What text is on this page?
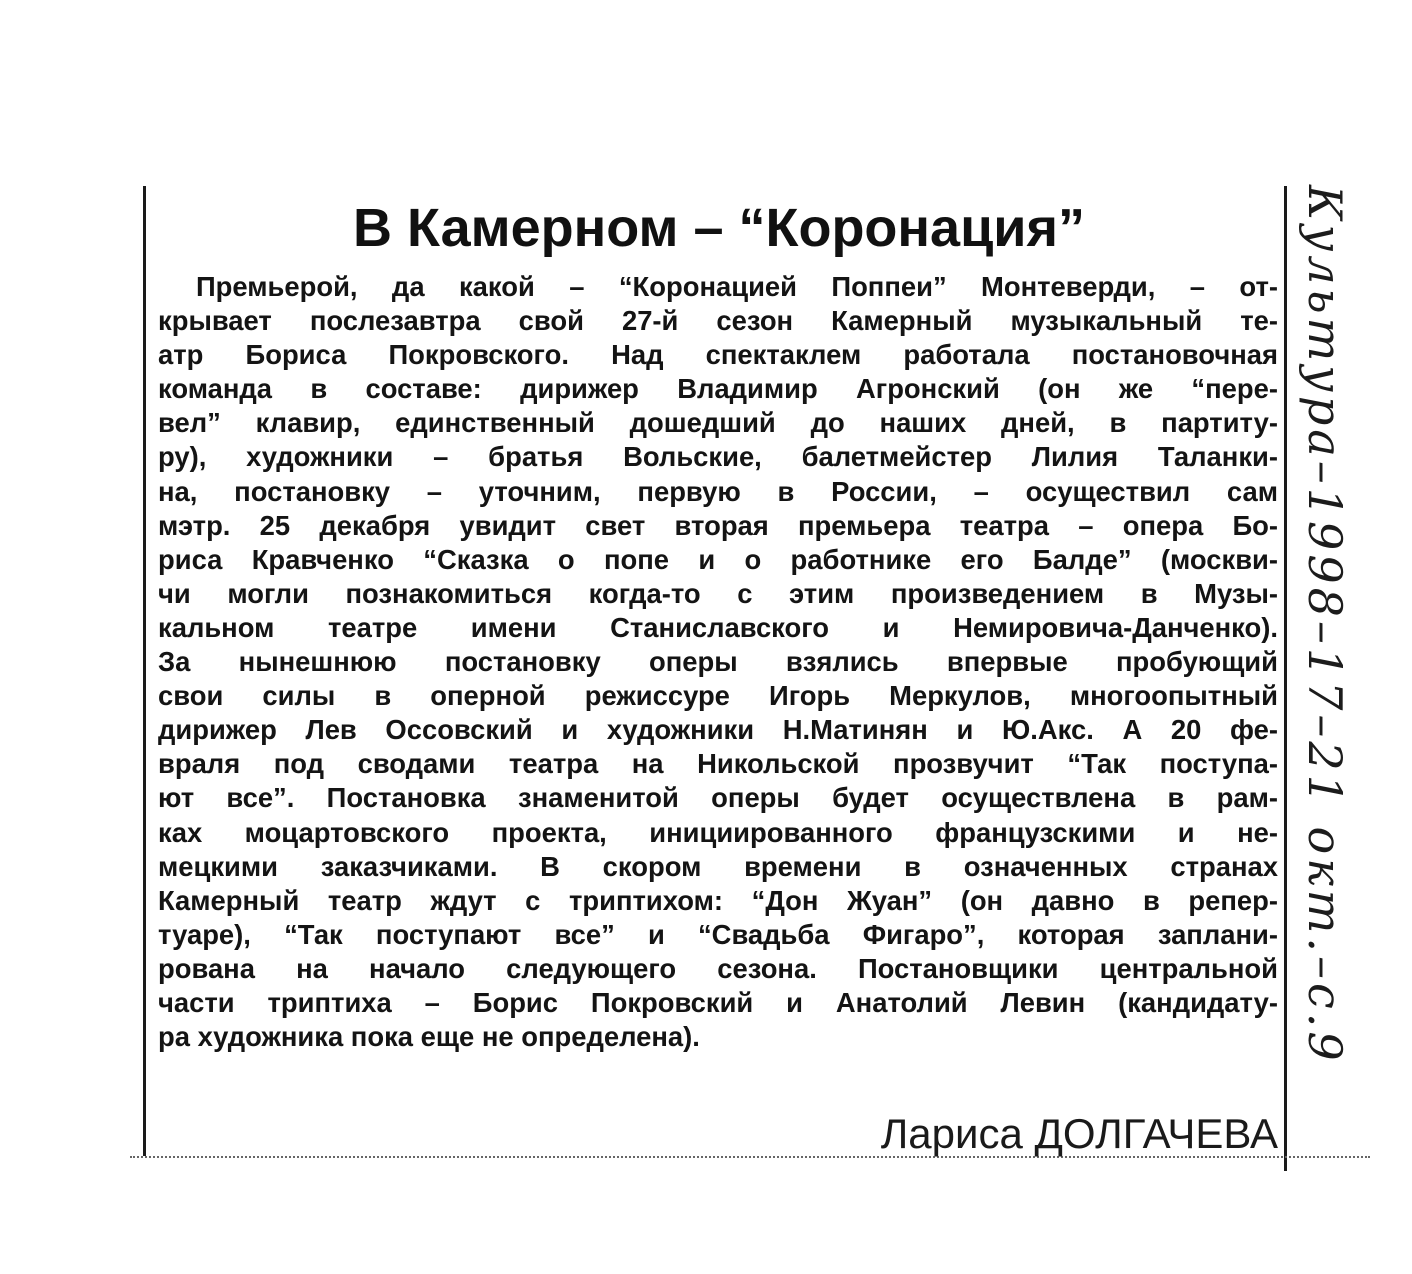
В Камерном – “Коронация”
Премьерой, да какой – “Коронацией Поппеи” Монтеверди, – от-
крывает послезавтра свой 27-й сезон Камерный музыкальный те-
атр Бориса Покровского. Над спектаклем работала постановочная
команда в составе: дирижер Владимир Агронский (он же “пере-
вел” клавир, единственный дошедший до наших дней, в партиту-
ру), художники – братья Вольские, балетмейстер Лилия Таланки-
на, постановку – уточним, первую в России, – осуществил сам
мэтр. 25 декабря увидит свет вторая премьера театра – опера Бо-
риса Кравченко “Сказка о попе и о работнике его Балде” (москви-
чи могли познакомиться когда-то с этим произведением в Музы-
кальном театре имени Станиславского и Немировича-Данченко).
За нынешнюю постановку оперы взялись впервые пробующий
свои силы в оперной режиссуре Игорь Меркулов, многоопытный
дирижер Лев Оссовский и художники Н.Матинян и Ю.Акс. А 20 фе-
враля под сводами театра на Никольской прозвучит “Так поступа-
ют все”. Постановка знаменитой оперы будет осуществлена в рам-
ках моцартовского проекта, инициированного французскими и не-
мецкими заказчиками. В скором времени в означенных странах
Камерный театр ждут с триптихом: “Дон Жуан” (он давно в репер-
туаре), “Так поступают все” и “Свадьба Фигаро”, которая заплани-
рована на начало следующего сезона. Постановщики центральной
части триптиха – Борис Покровский и Анатолий Левин (кандидату-
ра художника пока еще не определена).
Лариса ДОЛГАЧЕВА
Культура–1998–17–21 окт.–с.9
